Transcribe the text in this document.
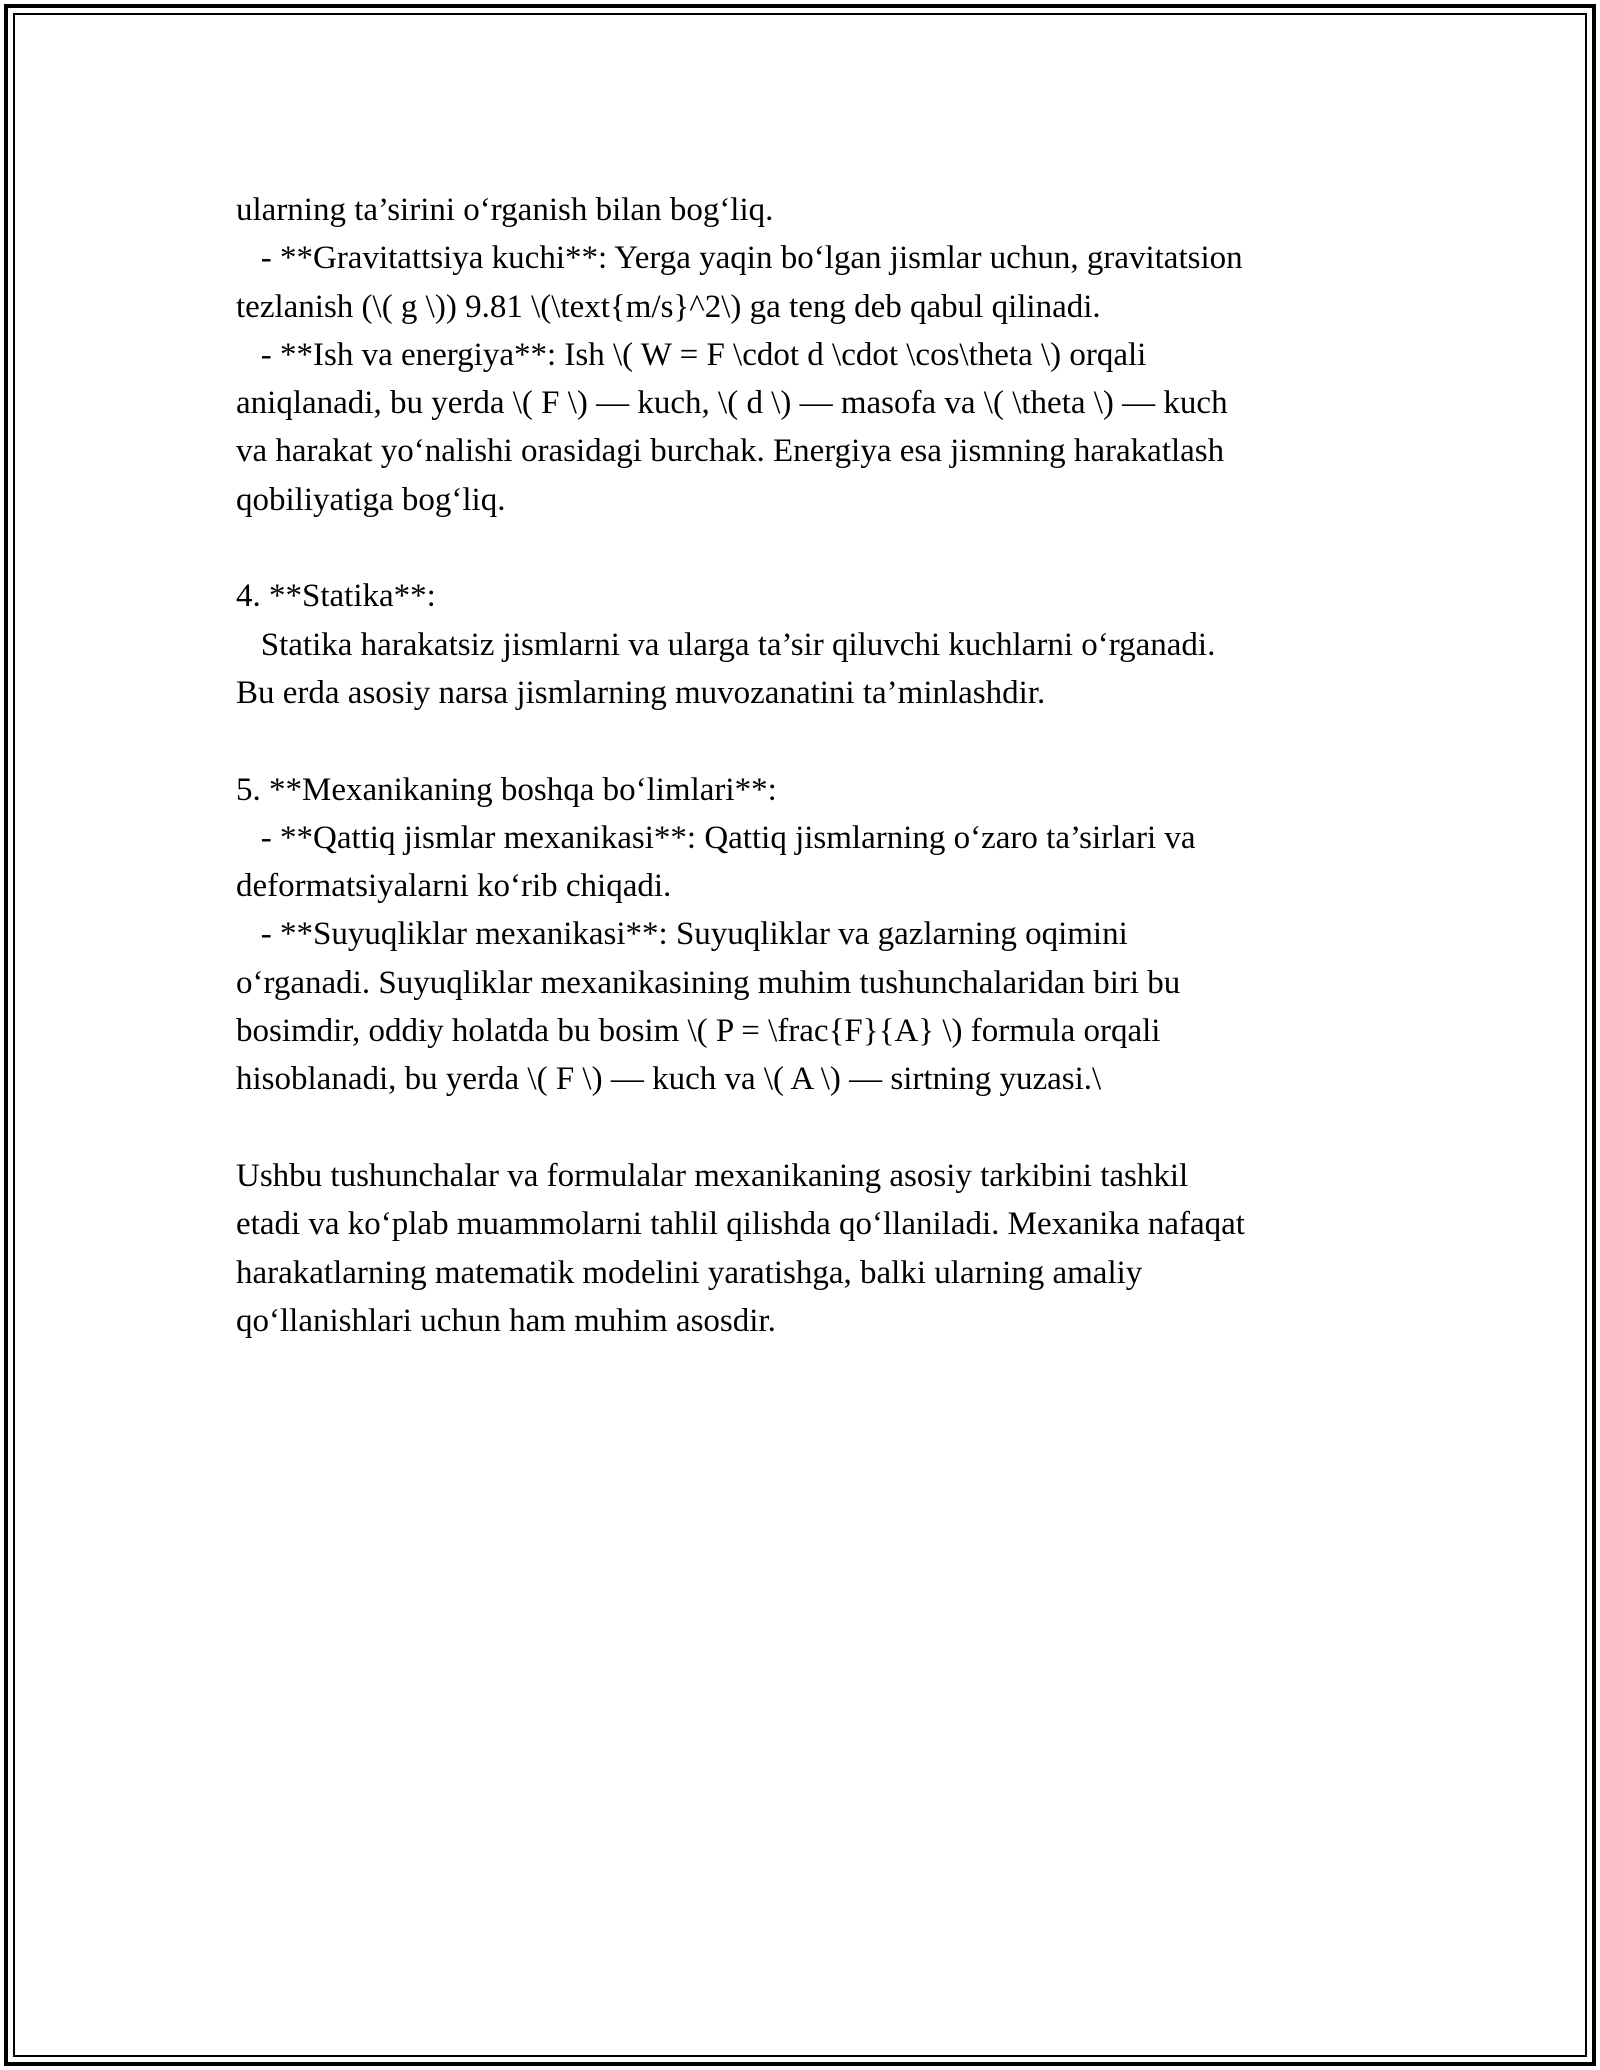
ularning ta’sirini o‘rganish bilan bog‘liq.
- **Gravitattsiya kuchi**: Yerga yaqin bo‘lgan jismlar uchun, gravitatsion
tezlanish (\( g \)) 9.81 \(\text{m/s}^2\) ga teng deb qabul qilinadi.
- **Ish va energiya**: Ish \( W = F \cdot d \cdot \cos\theta \) orqali
aniqlanadi, bu yerda \( F \) — kuch, \( d \) — masofa va \( \theta \) — kuch
va harakat yo‘nalishi orasidagi burchak. Energiya esa jismning harakatlash
qobiliyatiga bog‘liq.
4. **Statika**:
Statika harakatsiz jismlarni va ularga ta’sir qiluvchi kuchlarni o‘rganadi.
Bu erda asosiy narsa jismlarning muvozanatini ta’minlashdir.
5. **Mexanikaning boshqa bo‘limlari**:
- **Qattiq jismlar mexanikasi**: Qattiq jismlarning o‘zaro ta’sirlari va
deformatsiyalarni ko‘rib chiqadi.
- **Suyuqliklar mexanikasi**: Suyuqliklar va gazlarning oqimini
o‘rganadi. Suyuqliklar mexanikasining muhim tushunchalaridan biri bu
bosimdir, oddiy holatda bu bosim \( P = \frac{F}{A} \) formula orqali
hisoblanadi, bu yerda \( F \) — kuch va \( A \) — sirtning yuzasi.\
Ushbu tushunchalar va formulalar mexanikaning asosiy tarkibini tashkil
etadi va ko‘plab muammolarni tahlil qilishda qo‘llaniladi. Mexanika nafaqat
harakatlarning matematik modelini yaratishga, balki ularning amaliy
qo‘llanishlari uchun ham muhim asosdir.
